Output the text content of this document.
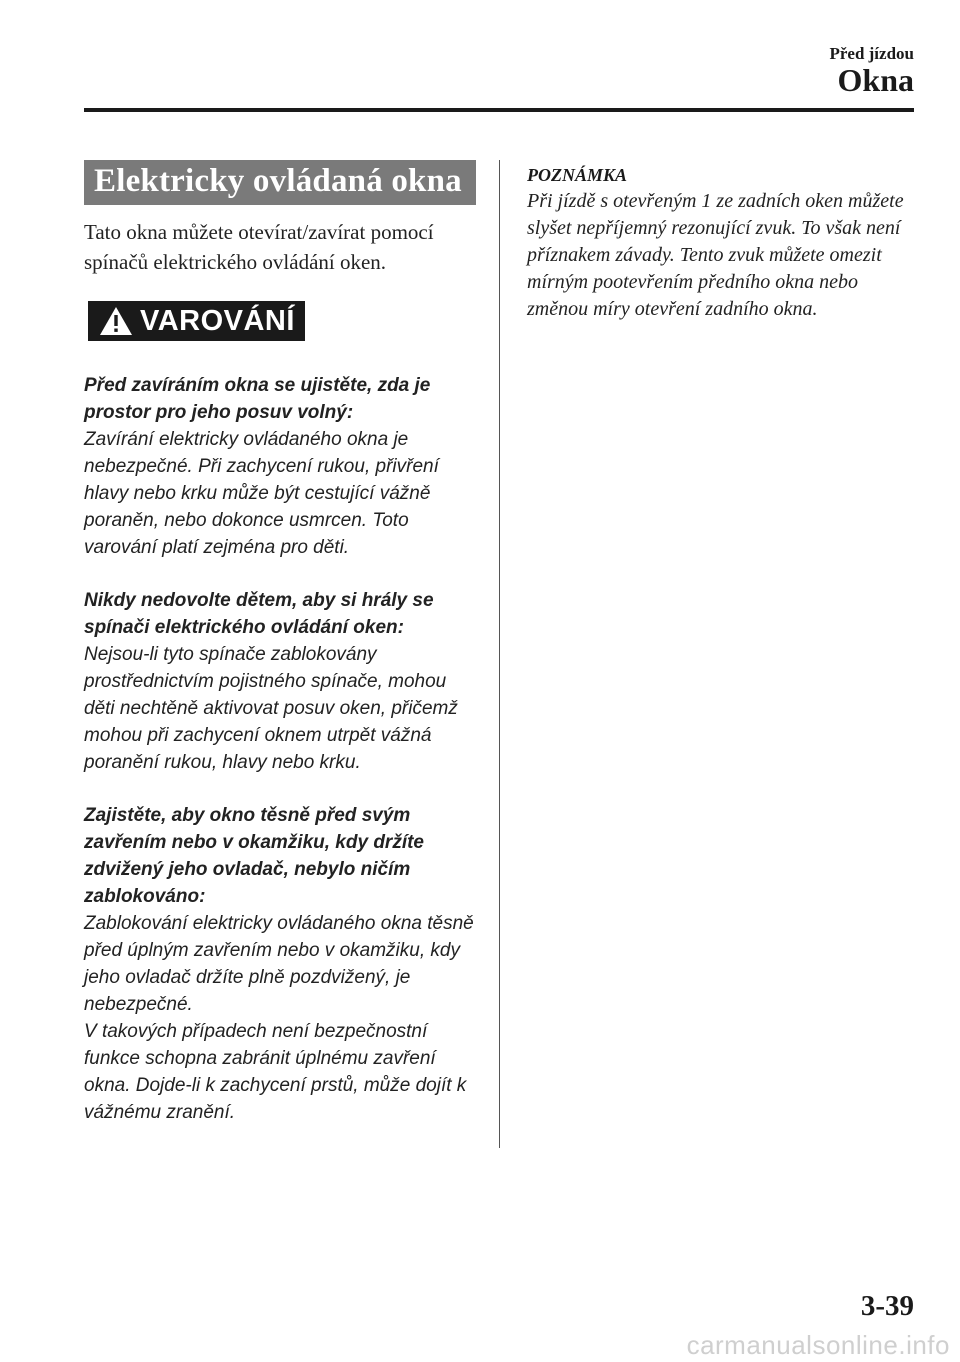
Před jízdou
Okna
Elektricky ovládaná okna
Tato okna můžete otevírat/zavírat pomocí spínačů elektrického ovládání oken.
VAROVÁNÍ
Před zavíráním okna se ujistěte, zda je prostor pro jeho posuv volný:
Zavírání elektricky ovládaného okna je nebezpečné. Při zachycení rukou, přivření hlavy nebo krku může být cestující vážně poraněn, nebo dokonce usmrcen. Toto varování platí zejména pro děti.
Nikdy nedovolte dětem, aby si hrály se spínači elektrického ovládání oken:
Nejsou-li tyto spínače zablokovány prostřednictvím pojistného spínače, mohou děti nechtěně aktivovat posuv oken, přičemž mohou při zachycení oknem utrpět vážná poranění rukou, hlavy nebo krku.
Zajistěte, aby okno těsně před svým zavřením nebo v okamžiku, kdy držíte zdvižený jeho ovladač, nebylo ničím zablokováno:
Zablokování elektricky ovládaného okna těsně před úplným zavřením nebo v okamžiku, kdy jeho ovladač držíte plně pozdvižený, je nebezpečné.
V takových případech není bezpečnostní funkce schopna zabránit úplnému zavření okna. Dojde-li k zachycení prstů, může dojít k vážnému zranění.
POZNÁMKA
Při jízdě s otevřeným 1 ze zadních oken můžete slyšet nepříjemný rezonující zvuk. To však není příznakem závady. Tento zvuk můžete omezit mírným pootevřením předního okna nebo změnou míry otevření zadního okna.
3-39
carmanualsonline.info
